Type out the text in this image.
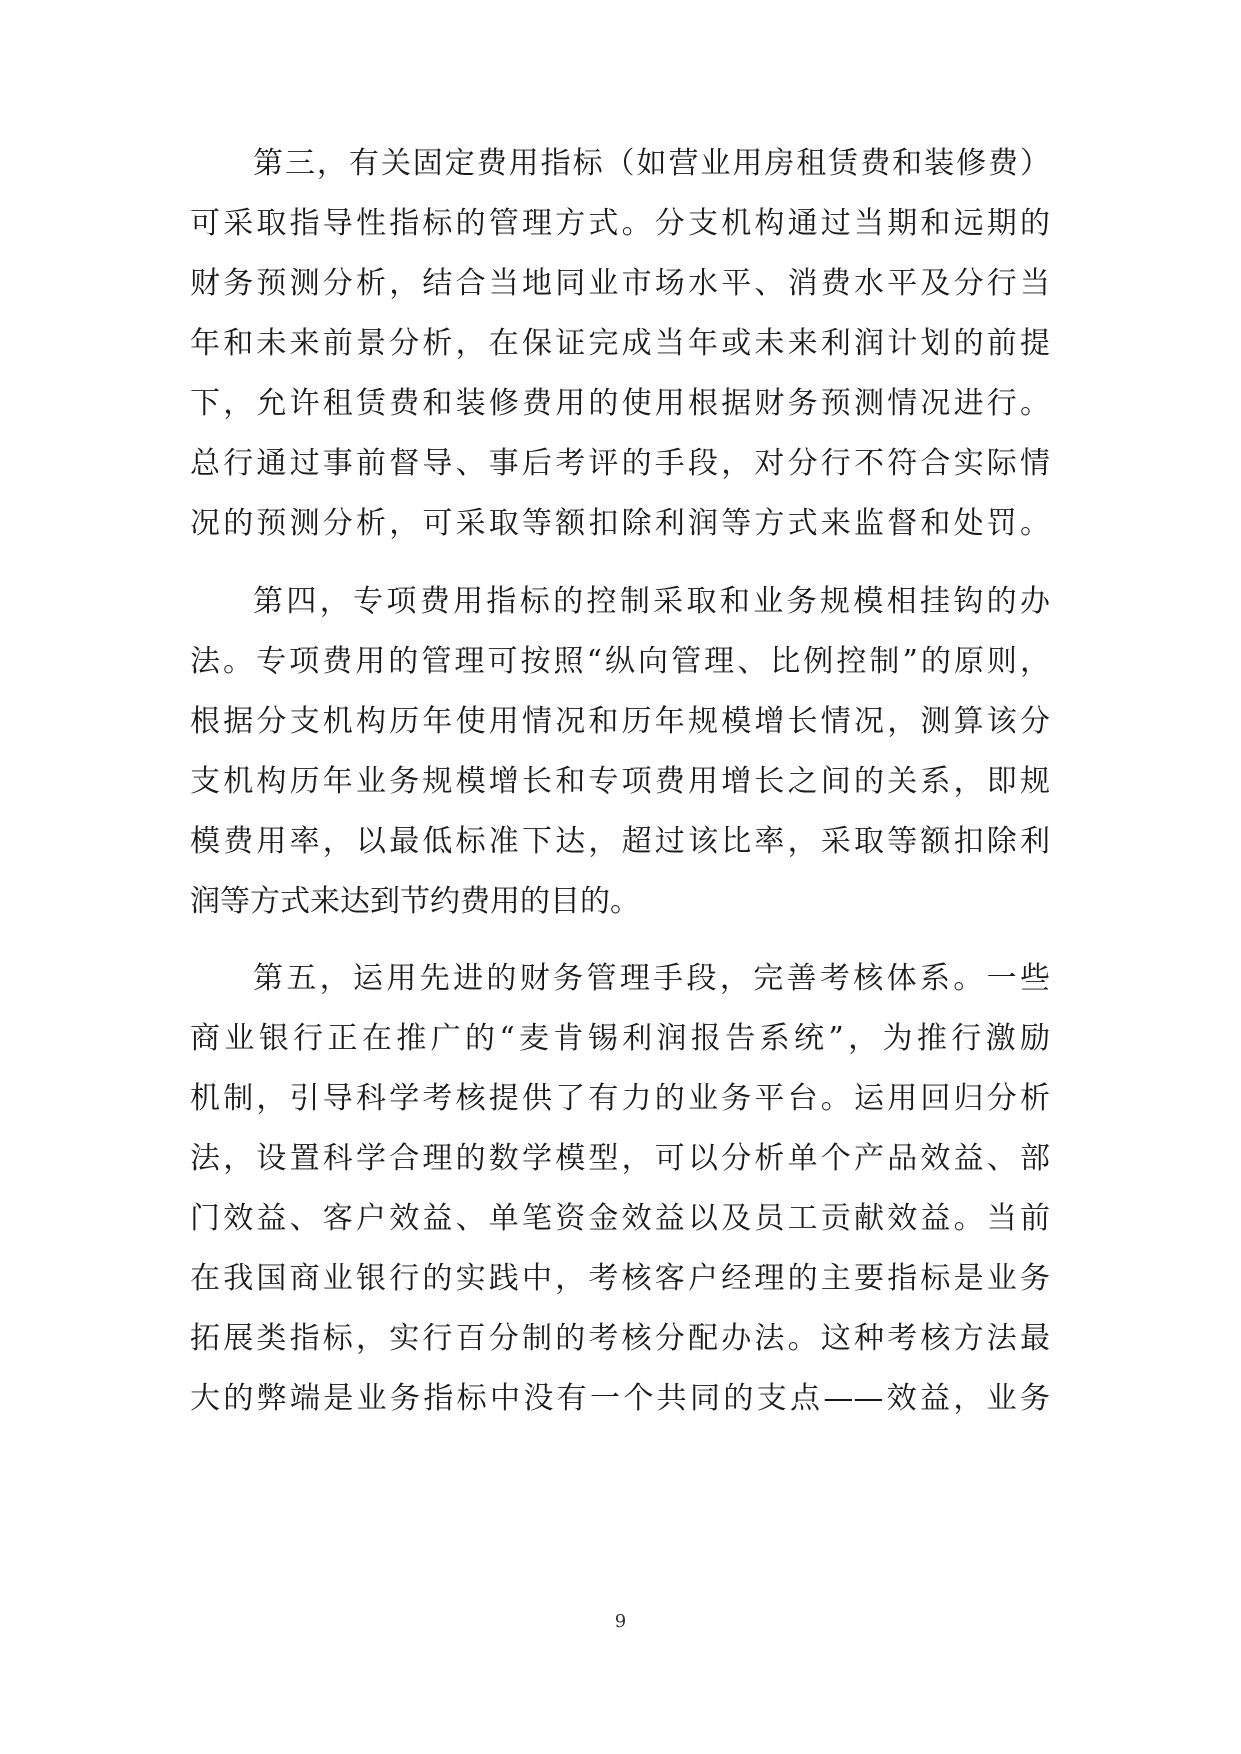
第三，有关固定费用指标（如营业用房租赁费和装修费）
可采取指导性指标的管理方式。分支机构通过当期和远期的
财务预测分析，结合当地同业市场水平、消费水平及分行当
年和未来前景分析，在保证完成当年或未来利润计划的前提
下，允许租赁费和装修费用的使用根据财务预测情况进行。
总行通过事前督导、事后考评的手段，对分行不符合实际情
况的预测分析，可采取等额扣除利润等方式来监督和处罚。
第四，专项费用指标的控制采取和业务规模相挂钩的办
法。专项费用的管理可按照“纵向管理、比例控制”的原则，
根据分支机构历年使用情况和历年规模增长情况，测算该分
支机构历年业务规模增长和专项费用增长之间的关系，即规
模费用率，以最低标准下达，超过该比率，采取等额扣除利
润等方式来达到节约费用的目的。
第五，运用先进的财务管理手段，完善考核体系。一些
商业银行正在推广的“麦肯锡利润报告系统”，为推行激励
机制，引导科学考核提供了有力的业务平台。运用回归分析
法，设置科学合理的数学模型，可以分析单个产品效益、部
门效益、客户效益、单笔资金效益以及员工贡献效益。当前
在我国商业银行的实践中，考核客户经理的主要指标是业务
拓展类指标，实行百分制的考核分配办法。这种考核方法最
大的弊端是业务指标中没有一个共同的支点——效益，业务
9
